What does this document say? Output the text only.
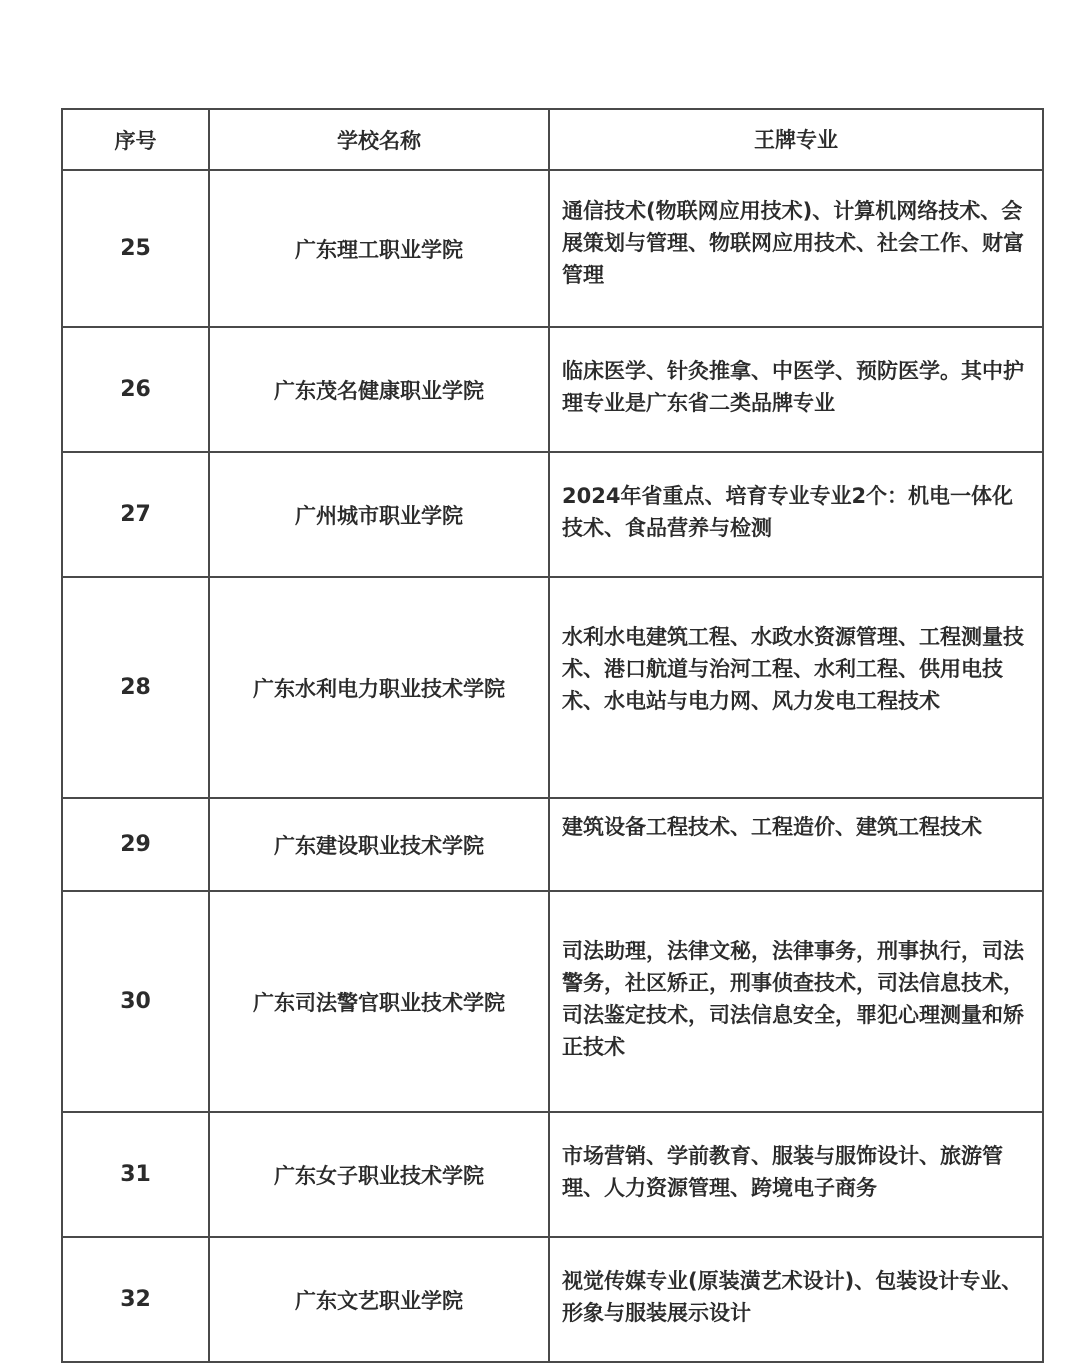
序号	学校名称	王牌专业
25	广东理工职业学院	通信技术(物联网应用技术)、计算机网络技术、会展策划与管理、物联网应用技术、社会工作、财富管理

26	广东茂名健康职业学院	临床医学、针灸推拿、中医学、预防医学。其中护理专业是广东省二类品牌专业

27	广州城市职业学院	2024年省重点、培育专业专业2个：机电一体化技术、食品营养与检测

28	广东水利电力职业技术学院	水利水电建筑工程、水政水资源管理、工程测量技术、港口航道与治河工程、水利工程、供用电技术、水电站与电力网、风力发电工程技术

29	广东建设职业技术学院	建筑设备工程技术、工程造价、建筑工程技术

30	广东司法警官职业技术学院	司法助理，法律文秘，法律事务，刑事执行，司法警务，社区矫正，刑事侦查技术，司法信息技术，司法鉴定技术，司法信息安全，罪犯心理测量和矫正技术

31	广东女子职业技术学院	市场营销、学前教育、服装与服饰设计、旅游管理、人力资源管理、跨境电子商务

32	广东文艺职业学院	视觉传媒专业(原装潢艺术设计)、包装设计专业、形象与服装展示设计
